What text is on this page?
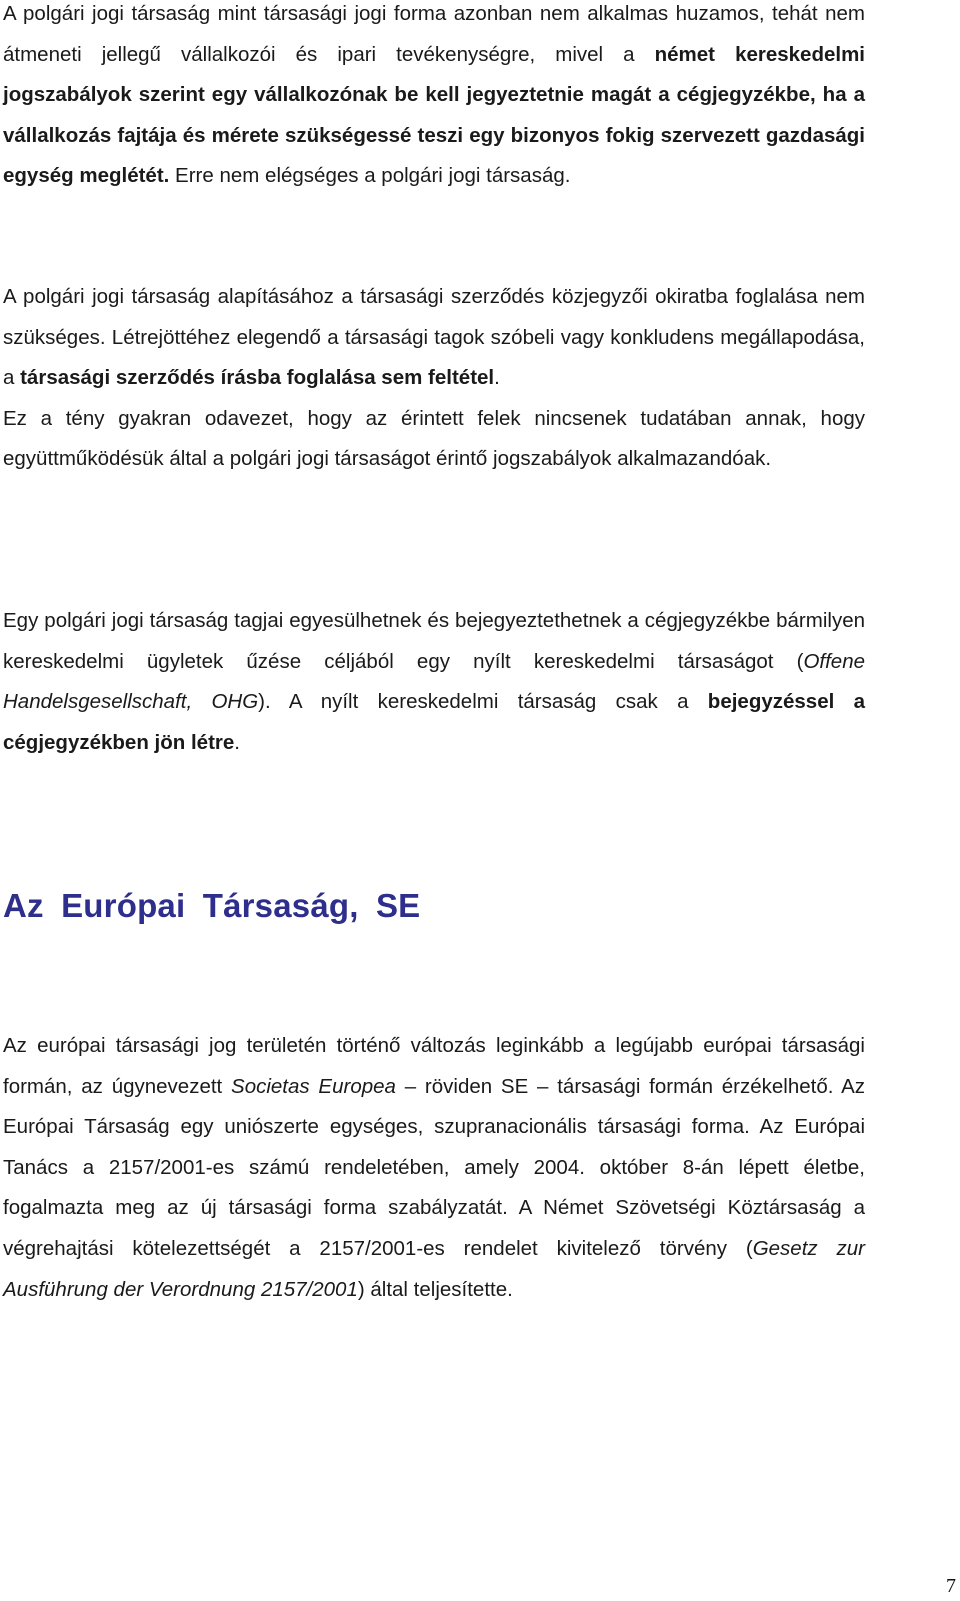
A polgári jogi társaság mint társasági jogi forma azonban nem alkalmas huzamos, tehát nem átmeneti jellegű vállalkozói és ipari tevékenységre, mivel a német kereskedelmi jogszabályok szerint egy vállalkozónak be kell jegyeztetnie magát a cégjegyzékbe, ha a vállalkozás fajtája és mérete szükségessé teszi egy bizonyos fokig szervezett gazdasági egység meglétét. Erre nem elégséges a polgári jogi társaság.

A polgári jogi társaság alapításához a társasági szerződés közjegyzői okiratba foglalása nem szükséges. Létrejöttéhez elegendő a társasági tagok szóbeli vagy konkludens megállapodása, a társasági szerződés írásba foglalása sem feltétel.
Ez a tény gyakran odavezet, hogy az érintett felek nincsenek tudatában annak, hogy együttműködésük által a polgári jogi társaságot érintő jogszabályok alkalmazandóak.

Egy polgári jogi társaság tagjai egyesülhetnek és bejegyeztethetnek a cégjegyzékbe bármilyen kereskedelmi ügyletek űzése céljából egy nyílt kereskedelmi társaságot (Offene Handelsgesellschaft, OHG). A nyílt kereskedelmi társaság csak a bejegyzéssel a cégjegyzékben jön létre.

Az Európai Társaság, SE

Az európai társasági jog területén történő változás leginkább a legújabb európai társasági formán, az úgynevezett Societas Europea – röviden SE – társasági formán érzékelhető. Az Európai Társaság egy uniószerte egységes, szupranacionális társasági forma. Az Európai Tanács a 2157/2001-es számú rendeletében, amely 2004. október 8-án lépett életbe, fogalmazta meg az új társasági forma szabályzatát. A Német Szövetségi Köztársaság a végrehajtási kötelezettségét a 2157/2001-es rendelet kivitelező törvény (Gesetz zur Ausführung der Verordnung 2157/2001) által teljesítette.

7
